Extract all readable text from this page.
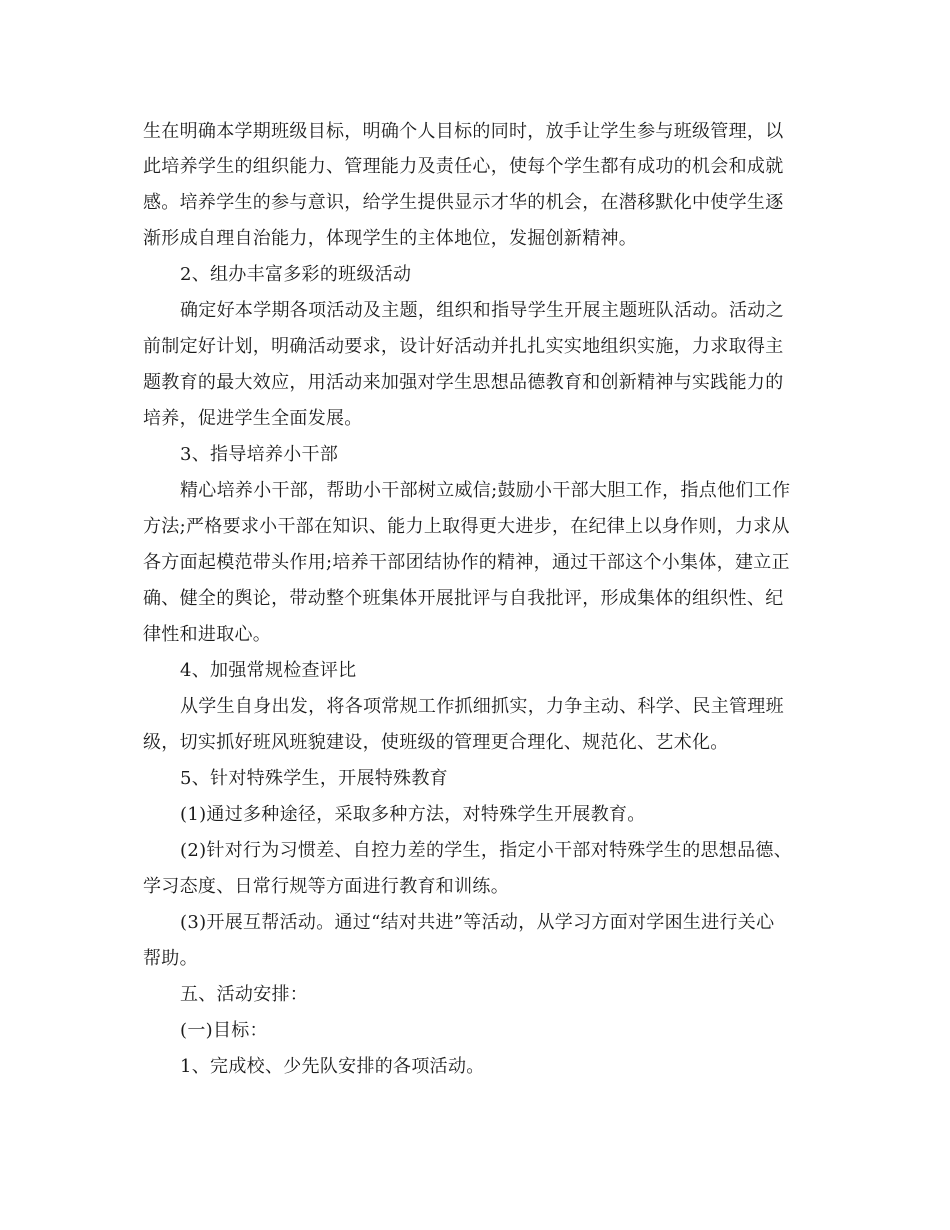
生在明确本学期班级目标，明确个人目标的同时，放手让学生参与班级管理，以
此培养学生的组织能力、管理能力及责任心，使每个学生都有成功的机会和成就
感。培养学生的参与意识，给学生提供显示才华的机会，在潜移默化中使学生逐
渐形成自理自治能力，体现学生的主体地位，发掘创新精神。
2、组办丰富多彩的班级活动
确定好本学期各项活动及主题，组织和指导学生开展主题班队活动。活动之
前制定好计划，明确活动要求，设计好活动并扎扎实实地组织实施，力求取得主
题教育的最大效应，用活动来加强对学生思想品德教育和创新精神与实践能力的
培养，促进学生全面发展。
3、指导培养小干部
精心培养小干部，帮助小干部树立威信;鼓励小干部大胆工作，指点他们工作
方法;严格要求小干部在知识、能力上取得更大进步，在纪律上以身作则，力求从
各方面起模范带头作用;培养干部团结协作的精神，通过干部这个小集体，建立正
确、健全的舆论，带动整个班集体开展批评与自我批评，形成集体的组织性、纪
律性和进取心。
4、加强常规检查评比
从学生自身出发，将各项常规工作抓细抓实，力争主动、科学、民主管理班
级，切实抓好班风班貌建设，使班级的管理更合理化、规范化、艺术化。
5、针对特殊学生，开展特殊教育
(1)通过多种途径，采取多种方法，对特殊学生开展教育。
(2)针对行为习惯差、自控力差的学生，指定小干部对特殊学生的思想品德、
学习态度、日常行规等方面进行教育和训练。
(3)开展互帮活动。通过“结对共进”等活动，从学习方面对学困生进行关心
帮助。
五、活动安排：
(一)目标：
1、完成校、少先队安排的各项活动。
